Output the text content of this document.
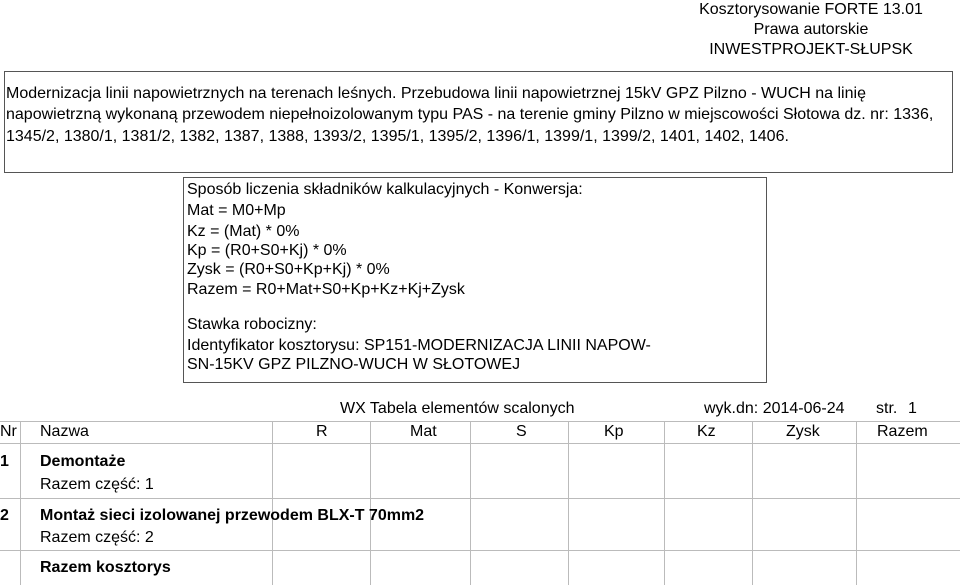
Kosztorysowanie FORTE 13.01
Prawa autorskie
INWESTPROJEKT-SŁUPSK
Modernizacja linii napowietrznych na terenach leśnych. Przebudowa linii napowietrznej 15kV GPZ Pilzno - WUCH na linię napowietrzną wykonaną przewodem niepełnoizolowanym typu PAS - na terenie gminy Pilzno w miejscowości Słotowa dz. nr: 1336, 1345/2, 1380/1, 1381/2, 1382, 1387, 1388, 1393/2, 1395/1, 1395/2, 1396/1, 1399/1, 1399/2, 1401, 1402, 1406.
Sposób liczenia składników kalkulacyjnych - Konwersja:
Mat = M0+Mp
Kz = (Mat) * 0%
Kp = (R0+S0+Kj) * 0%
Zysk = (R0+S0+Kp+Kj) * 0%
Razem = R0+Mat+S0+Kp+Kz+Kj+Zysk
Stawka robocizny:
Identyfikator kosztorysu: SP151-MODERNIZACJA LINII NAPOW-
SN-15KV GPZ PILZNO-WUCH W SŁOTOWEJ
WX Tabela elementów scalonych	wyk.dn: 2014-06-24 str. 1
Nr Nazwa	R	Mat	S	Kp	Kz	Zysk	Razem
1 Demontaże
Razem część: 1
2 Montaż sieci izolowanej przewodem BLX-T 70mm2
Razem część: 2
Razem kosztorys
